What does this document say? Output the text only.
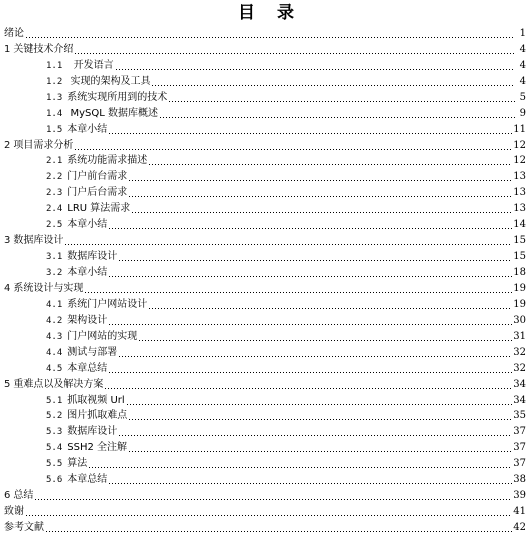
目 录
绪论	1
1 关键技术介绍	4
1.1  开发语言	4
1.2 实现的架构及工具	4
1.3 系统实现所用到的技术	5
1.4 MySQL 数据库概述	9
1.5 本章小结	11
2 项目需求分析	12
2.1 系统功能需求描述	12
2.2 门户前台需求	13
2.3 门户后台需求	13
2.4 LRU 算法需求	13
2.5 本章小结	14
3 数据库设计	15
3.1 数据库设计	15
3.2 本章小结	18
4 系统设计与实现	19
4.1 系统门户网站设计	19
4.2 架构设计	30
4.3 门户网站的实现	31
4.4 测试与部署	32
4.5 本章总结	32
5 重难点以及解决方案	34
5.1 抓取视频 Url	34
5.2 图片抓取难点	35
5.3 数据库设计	37
5.4 SSH2 全注解	37
5.5 算法	37
5.6 本章总结	38
6 总结	39
致谢	41
参考文献	42
